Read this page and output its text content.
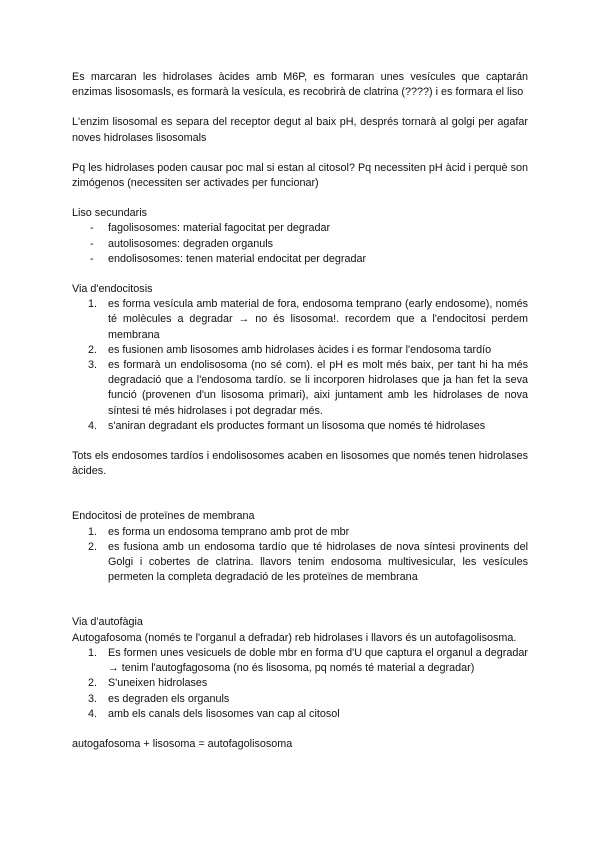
Es marcaran les hidrolases àcides amb M6P, es formaran unes vesícules que captarán enzimas lisosomasls, es formarà la vesícula, es recobrirà de clatrina (????) i es formara el liso

L'enzim lisosomal es separa del receptor degut al baix pH, després tornarà al golgi per agafar noves hidrolases lisosomals

Pq les hidrolases poden causar poc mal si estan al citosol? Pq necessiten pH àcid i perquè son zimógenos (necessiten ser activades per funcionar)

Liso secundaris

- fagolisosomes: material fagocitat per degradar
- autolisosomes: degraden organuls
- endolisosomes: tenen material endocitat per degradar

Via d'endocitosis

1. es forma vesícula amb material de fora, endosoma temprano (early endosome), només té molècules a degradar → no és lisosoma!. recordem que a l'endocitosi perdem membrana
2. es fusionen amb lisosomes amb hidrolases àcides i es formar l'endosoma tardío
3. es formarà un endolisosoma (no sé com). el pH es molt més baix, per tant hi ha més degradació que a l'endosoma tardío. se li incorporen hidrolases que ja han fet la seva funció (provenen d'un lisosoma primari), aixi juntament amb les hidrolases de nova síntesi té més hidrolases i pot degradar més.
4. s'aniran degradant els productes formant un lisosoma que només té hidrolases

Tots els endosomes tardíos i endolisosomes acaben en lisosomes que només tenen hidrolases àcides.

Endocitosi de proteïnes de membrana

1. es forma un endosoma temprano amb prot de mbr
2. es fusiona amb un endosoma tardío que té hidrolases de nova síntesi provinents del Golgi i cobertes de clatrina. llavors tenim endosoma multivesicular, les vesícules permeten la completa degradació de les proteïnes de membrana

Via d'autofàgia

Autogafosoma (només te l'organul a defradar) reb hidrolases i llavors és un autofagolisosma.

1. Es formen unes vesicuels de doble mbr en forma d'U que captura el organul a degradar → tenim l'autogfagosoma (no és lisosoma, pq només té material a degradar)
2. S'uneixen hidrolases
3. es degraden els organuls
4. amb els canals dels lisosomes van cap al citosol

autogafosoma + lisosoma = autofagolisosoma
